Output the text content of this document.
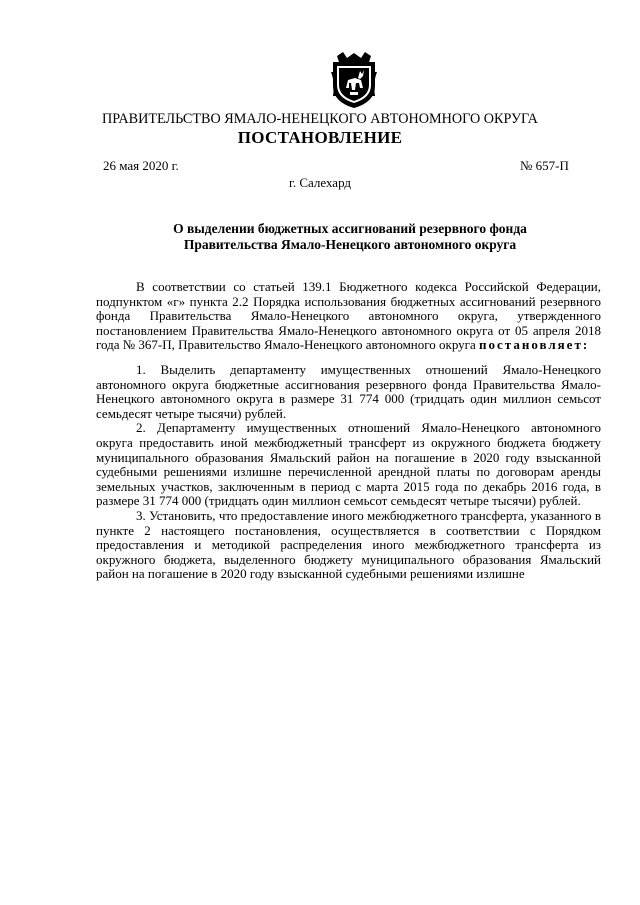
ПРАВИТЕЛЬСТВО ЯМАЛО-НЕНЕЦКОГО АВТОНОМНОГО ОКРУГА
ПОСТАНОВЛЕНИЕ
26 мая 2020 г.	№ 657-П
г. Салехард
О выделении бюджетных ассигнований резервного фонда
Правительства Ямало-Ненецкого автономного округа

В соответствии со статьей 139.1 Бюджетного кодекса Российской Федерации, подпунктом «г» пункта 2.2 Порядка использования бюджетных ассигнований резервного фонда Правительства Ямало-Ненецкого автономного округа, утвержденного постановлением Правительства Ямало-Ненецкого автономного округа от 05 апреля 2018 года № 367-П, Правительство Ямало-Ненецкого автономного округа постановляет:

1. Выделить департаменту имущественных отношений Ямало-Ненецкого автономного округа бюджетные ассигнования резервного фонда Правительства Ямало-Ненецкого автономного округа в размере 31 774 000 (тридцать один миллион семьсот семьдесят четыре тысячи) рублей.

2. Департаменту имущественных отношений Ямало-Ненецкого автономного округа предоставить иной межбюджетный трансферт из окружного бюджета бюджету муниципального образования Ямальский район на погашение в 2020 году взысканной судебными решениями излишне перечисленной арендной платы по договорам аренды земельных участков, заключенным в период с марта 2015 года по декабрь 2016 года, в размере 31 774 000 (тридцать один миллион семьсот семьдесят четыре тысячи) рублей.

3. Установить, что предоставление иного межбюджетного трансферта, указанного в пункте 2 настоящего постановления, осуществляется в соответствии с Порядком предоставления и методикой распределения иного межбюджетного трансферта из окружного бюджета, выделенного бюджету муниципального образования Ямальский район на погашение в 2020 году взысканной судебными решениями излишне
